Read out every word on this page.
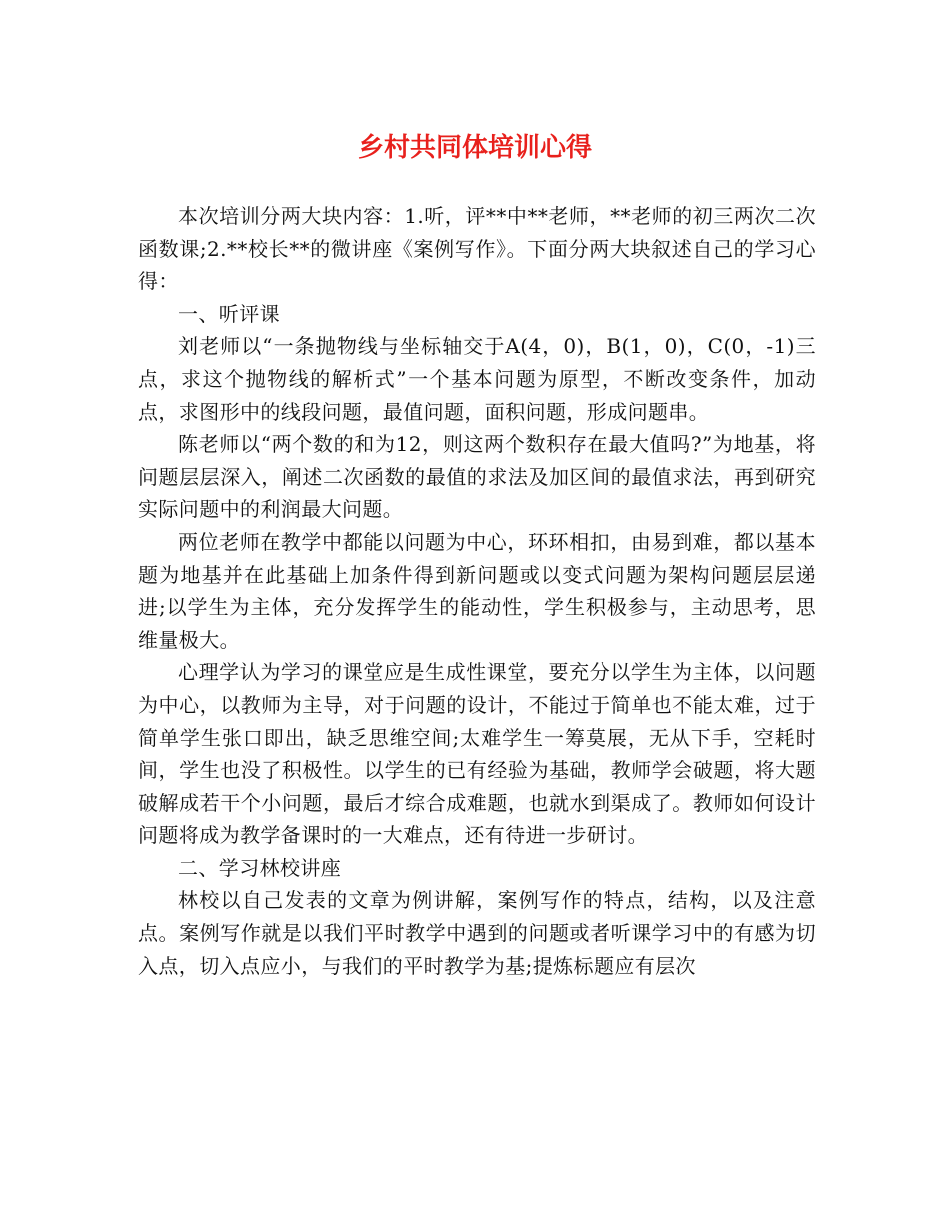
乡村共同体培训心得

本次培训分两大块内容：1.听，评**中**老师，**老师的初三两次二次函数课;2.**校长**的微讲座《案例写作》。下面分两大块叙述自己的学习心得：

一、听评课

刘老师以“一条抛物线与坐标轴交于A(4，0)，B(1，0)，C(0，-1)三点，求这个抛物线的解析式”一个基本问题为原型，不断改变条件，加动点，求图形中的线段问题，最值问题，面积问题，形成问题串。

陈老师以“两个数的和为12，则这两个数积存在最大值吗?”为地基，将问题层层深入，阐述二次函数的最值的求法及加区间的最值求法，再到研究实际问题中的利润最大问题。

两位老师在教学中都能以问题为中心，环环相扣，由易到难，都以基本题为地基并在此基础上加条件得到新问题或以变式问题为架构问题层层递进;以学生为主体，充分发挥学生的能动性，学生积极参与，主动思考，思维量极大。

心理学认为学习的课堂应是生成性课堂，要充分以学生为主体，以问题为中心，以教师为主导，对于问题的设计，不能过于简单也不能太难，过于简单学生张口即出，缺乏思维空间;太难学生一筹莫展，无从下手，空耗时间，学生也没了积极性。以学生的已有经验为基础，教师学会破题，将大题破解成若干个小问题，最后才综合成难题，也就水到渠成了。教师如何设计问题将成为教学备课时的一大难点，还有待进一步研讨。

二、学习林校讲座

林校以自己发表的文章为例讲解，案例写作的特点，结构，以及注意点。案例写作就是以我们平时教学中遇到的问题或者听课学习中的有感为切入点，切入点应小，与我们的平时教学为基;提炼标题应有层次
